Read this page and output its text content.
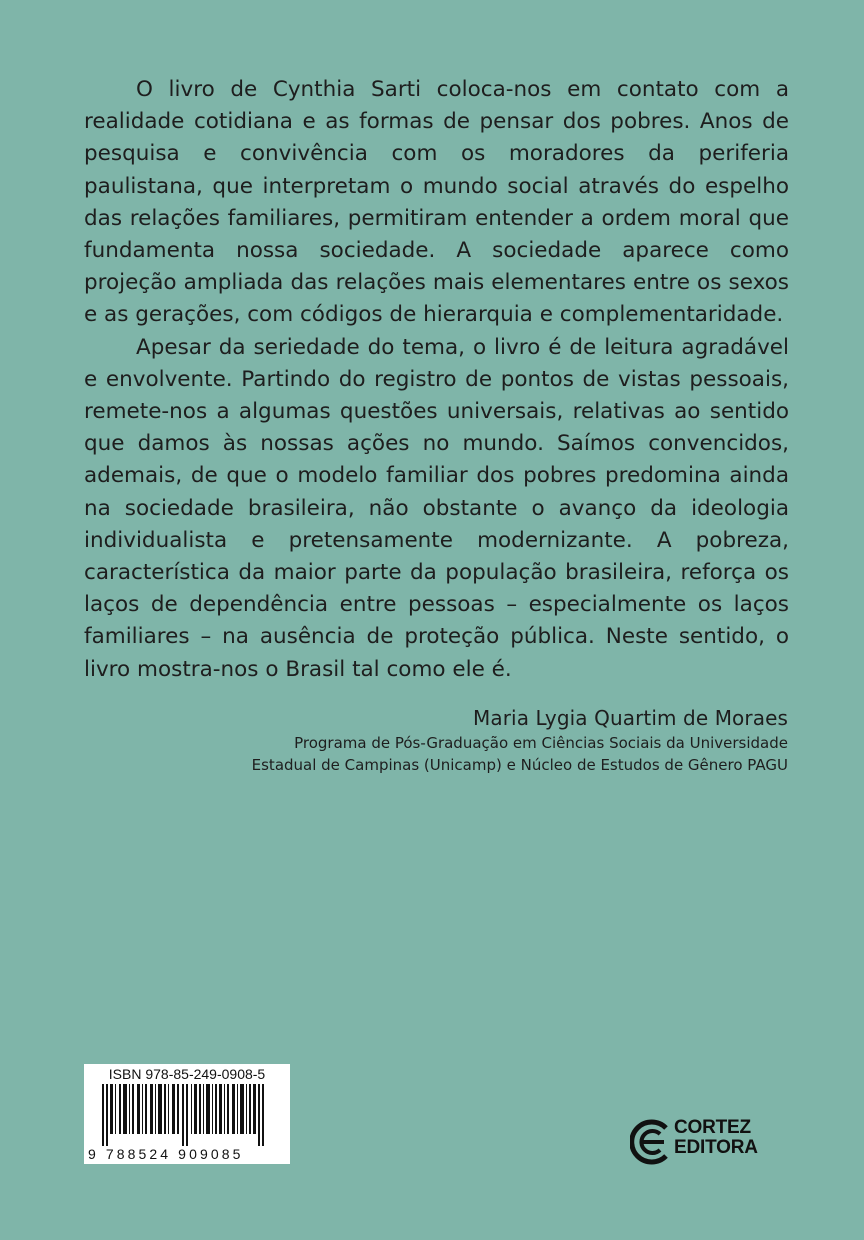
O livro de Cynthia Sarti coloca-nos em contato com a realidade cotidiana e as formas de pensar dos pobres. Anos de pesquisa e convivência com os moradores da periferia paulistana, que interpretam o mundo social através do espelho das relações familiares, permitiram entender a ordem moral que fundamenta nossa sociedade. A sociedade aparece como projeção ampliada das relações mais elementares entre os sexos e as gerações, com códigos de hierarquia e complementaridade.

Apesar da seriedade do tema, o livro é de leitura agradável e envolvente. Partindo do registro de pontos de vistas pessoais, remete-nos a algumas questões universais, relativas ao sentido que damos às nossas ações no mundo. Saímos convencidos, ademais, de que o modelo familiar dos pobres predomina ainda na sociedade brasileira, não obstante o avanço da ideologia individualista e pretensamente modernizante. A pobreza, característica da maior parte da população brasileira, reforça os laços de dependência entre pessoas – especialmente os laços familiares – na ausência de proteção pública. Neste sentido, o livro mostra-nos o Brasil tal como ele é.

Maria Lygia Quartim de Moraes
Programa de Pós-Graduação em Ciências Sociais da Universidade
Estadual de Campinas (Unicamp) e Núcleo de Estudos de Gênero PAGU
ISBN 978-85-249-0908-5
9 788524 909085
CORTEZ
EDITORA
